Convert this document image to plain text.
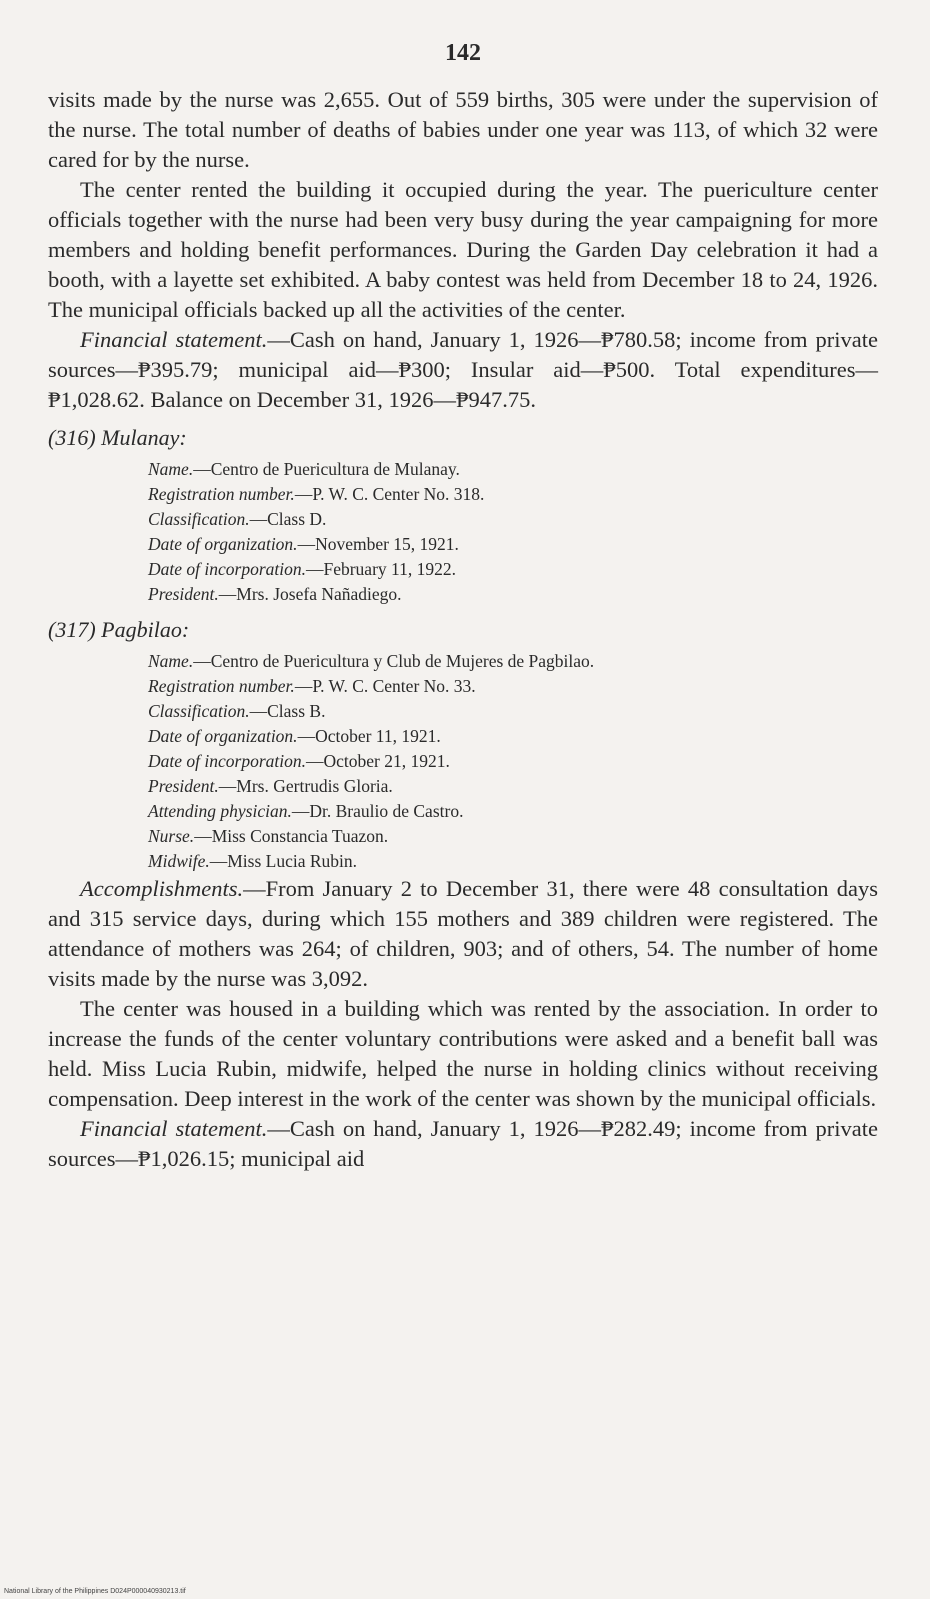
142

visits made by the nurse was 2,655. Out of 559 births, 305 were under the supervision of the nurse. The total number of deaths of babies under one year was 113, of which 32 were cared for by the nurse.

The center rented the building it occupied during the year. The puericulture center officials together with the nurse had been very busy during the year campaigning for more members and holding benefit performances. During the Garden Day celebration it had a booth, with a layette set exhibited. A baby contest was held from December 18 to 24, 1926. The municipal officials backed up all the activities of the center.

Financial statement.—Cash on hand, January 1, 1926—₱780.58; income from private sources—₱395.79; municipal aid—₱300; Insular aid—₱500. Total expenditures—₱1,028.62. Balance on December 31, 1926—₱947.75.

(316) Mulanay:

Name.—Centro de Puericultura de Mulanay.

Registration number.—P. W. C. Center No. 318.

Classification.—Class D.

Date of organization.—November 15, 1921.

Date of incorporation.—February 11, 1922.

President.—Mrs. Josefa Nañadiego.

(317) Pagbilao:

Name.—Centro de Puericultura y Club de Mujeres de Pagbilao.

Registration number.—P. W. C. Center No. 33.

Classification.—Class B.

Date of organization.—October 11, 1921.

Date of incorporation.—October 21, 1921.

President.—Mrs. Gertrudis Gloria.

Attending physician.—Dr. Braulio de Castro.

Nurse.—Miss Constancia Tuazon.

Midwife.—Miss Lucia Rubin.

Accomplishments.—From January 2 to December 31, there were 48 consultation days and 315 service days, during which 155 mothers and 389 children were registered. The attendance of mothers was 264; of children, 903; and of others, 54. The number of home visits made by the nurse was 3,092.

The center was housed in a building which was rented by the association. In order to increase the funds of the center voluntary contributions were asked and a benefit ball was held. Miss Lucia Rubin, midwife, helped the nurse in holding clinics without receiving compensation. Deep interest in the work of the center was shown by the municipal officials.

Financial statement.—Cash on hand, January 1, 1926—₱282.49; income from private sources—₱1,026.15; municipal aid

National Library of the Philippines D024P000040930213.tif
